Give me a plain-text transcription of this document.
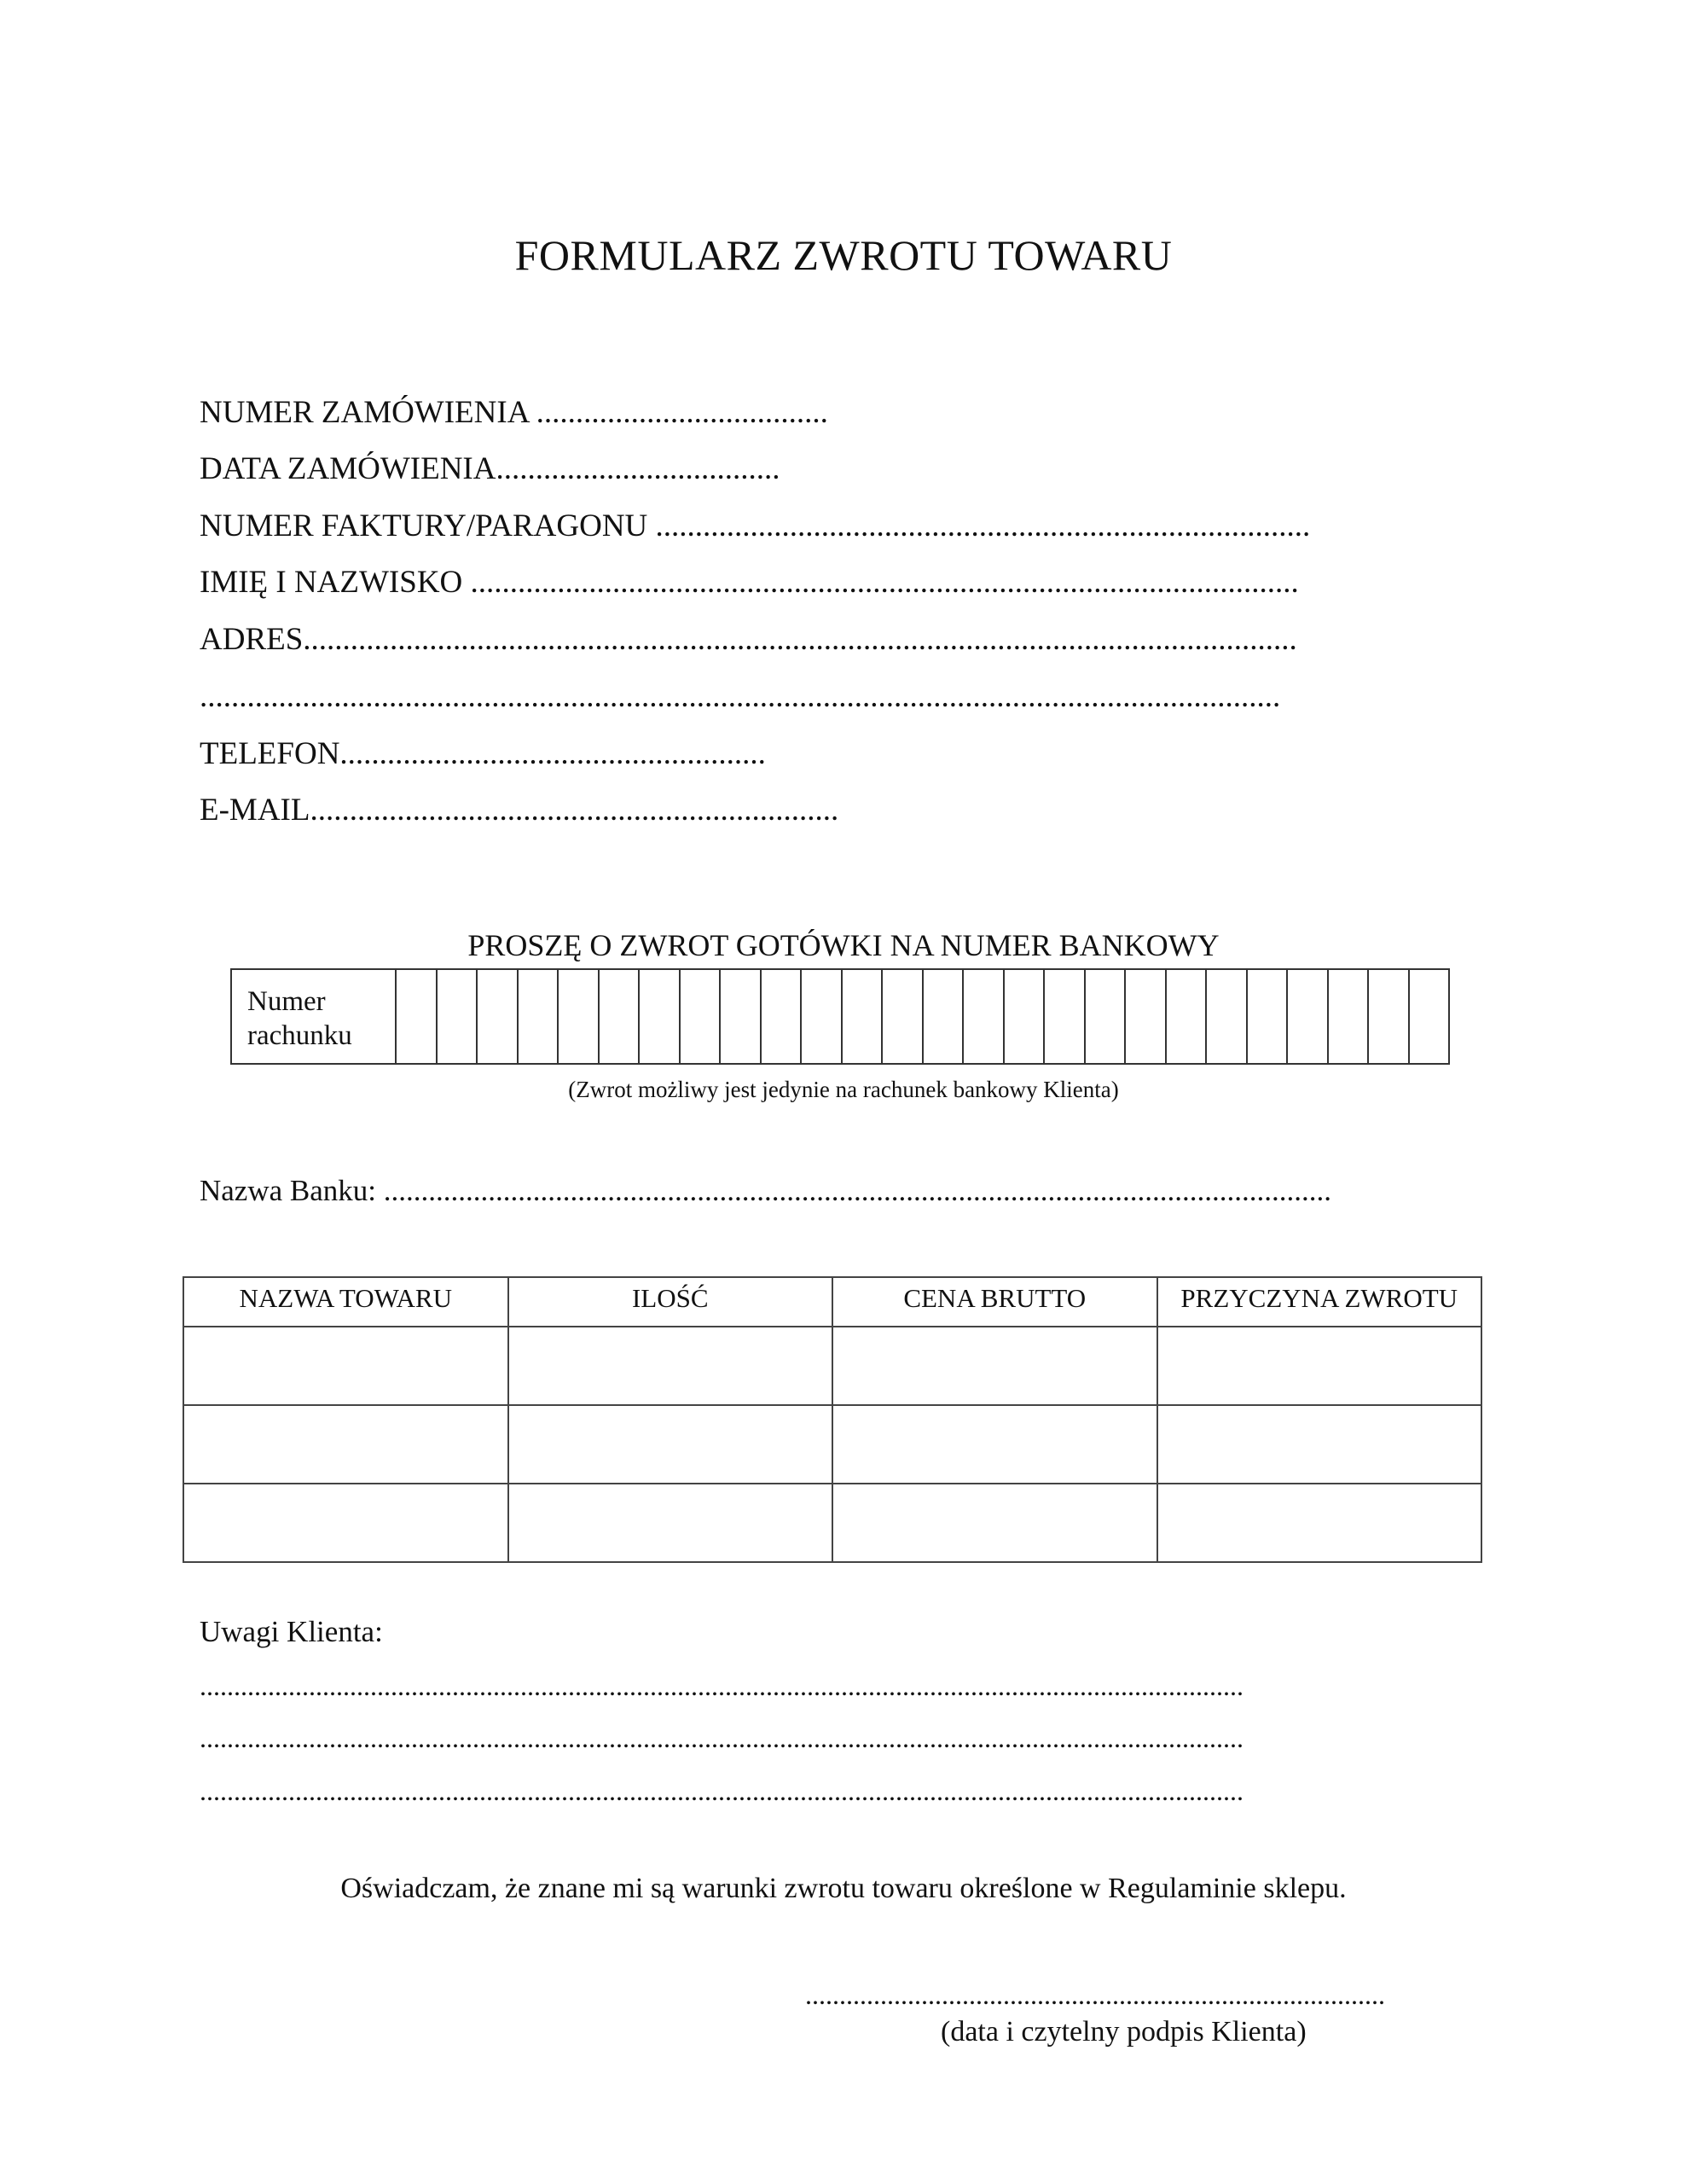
FORMULARZ ZWROTU TOWARU
NUMER ZAMÓWIENIA .....................................
DATA ZAMÓWIENIA....................................
NUMER FAKTURY/PARAGONU ...................................................................................
IMIĘ I NAZWISKO .........................................................................................................
ADRES..............................................................................................................................
.........................................................................................................................................
TELEFON......................................................
E-MAIL...................................................................
PROSZĘ O ZWROT GOTÓWKI NA NUMER BANKOWY
Numer rachunku
(Zwrot możliwy jest jedynie na rachunek bankowy Klienta)
Nazwa Banku: ...............................................................................................................................
NAZWA TOWARU	ILOŚĆ	CENA BRUTTO	PRZYCZYNA ZWROTU

Uwagi Klienta:
.........................................................................................................................................................
.........................................................................................................................................................
.........................................................................................................................................................
Oświadczam, że znane mi są warunki zwrotu towaru określone w Regulaminie sklepu.
.....................................................................................
(data i czytelny podpis Klienta)
